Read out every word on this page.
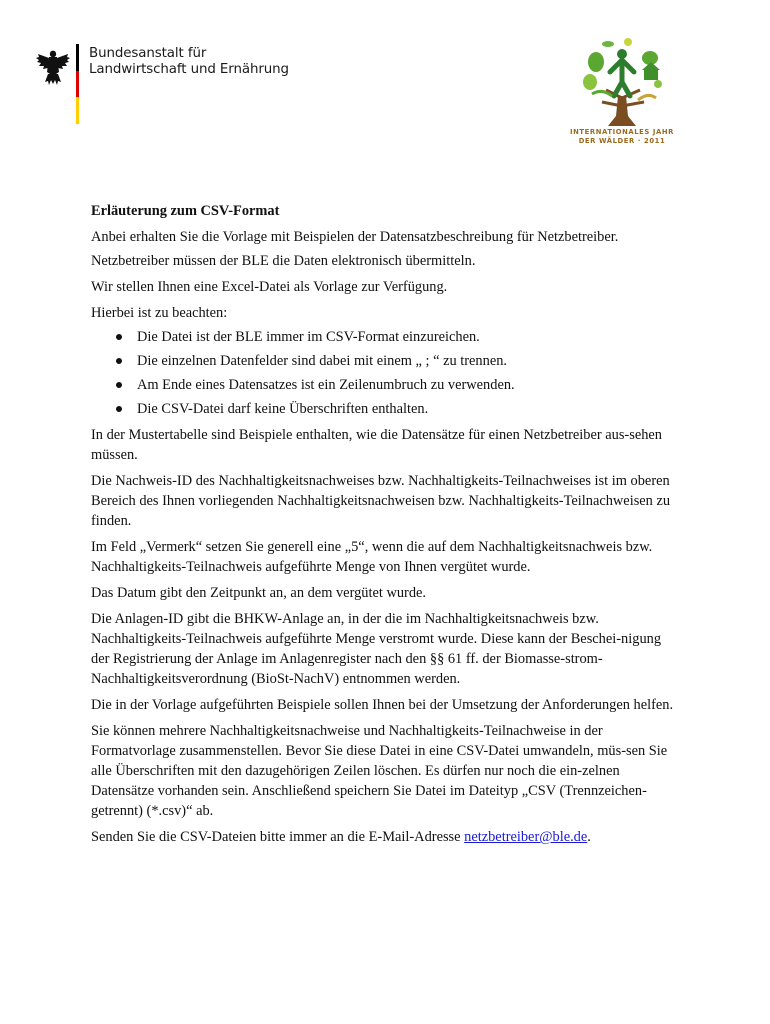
Bundesanstalt für
Landwirtschaft und Ernährung
INTERNATIONALES JAHR
DER WÄLDER · 2011

Erläuterung zum CSV-Format

Anbei erhalten Sie die Vorlage mit Beispielen der Datensatzbeschreibung für Netzbetreiber.

Netzbetreiber müssen der BLE die Daten elektronisch übermitteln.

Wir stellen Ihnen eine Excel-Datei als Vorlage zur Verfügung.

Hierbei ist zu beachten:

Die Datei ist der BLE immer im CSV-Format einzureichen.
Die einzelnen Datenfelder sind dabei mit einem „ ; “ zu trennen.
Am Ende eines Datensatzes ist ein Zeilenumbruch zu verwenden.
Die CSV-Datei darf keine Überschriften enthalten.

In der Mustertabelle sind Beispiele enthalten, wie die Datensätze für einen Netzbetreiber aus-sehen müssen.

Die Nachweis-ID des Nachhaltigkeitsnachweises bzw. Nachhaltigkeits-Teilnachweises ist im oberen Bereich des Ihnen vorliegenden Nachhaltigkeitsnachweisen bzw. Nachhaltigkeits-Teilnachweisen zu finden.

Im Feld „Vermerk“ setzen Sie generell eine „5“, wenn die auf dem Nachhaltigkeitsnachweis bzw. Nachhaltigkeits-Teilnachweis aufgeführte Menge von Ihnen vergütet wurde.

Das Datum gibt den Zeitpunkt an, an dem vergütet wurde.

Die Anlagen-ID gibt die BHKW-Anlage an, in der die im Nachhaltigkeitsnachweis bzw. Nachhaltigkeits-Teilnachweis aufgeführte Menge verstromt wurde. Diese kann der Beschei-nigung der Registrierung der Anlage im Anlagenregister nach den §§ 61 ff. der Biomasse-strom-Nachhaltigkeitsverordnung (BioSt-NachV) entnommen werden.

Die in der Vorlage aufgeführten Beispiele sollen Ihnen bei der Umsetzung der Anforderungen helfen.

Sie können mehrere Nachhaltigkeitsnachweise und Nachhaltigkeits-Teilnachweise in der Formatvorlage zusammenstellen. Bevor Sie diese Datei in eine CSV-Datei umwandeln, müs-sen Sie alle Überschriften mit den dazugehörigen Zeilen löschen. Es dürfen nur noch die ein-zelnen Datensätze vorhanden sein. Anschließend speichern Sie Datei im Dateityp „CSV (Trennzeichen-getrennt) (*.csv)“ ab.

Senden Sie die CSV-Dateien bitte immer an die E-Mail-Adresse netzbetreiber@ble.de.
